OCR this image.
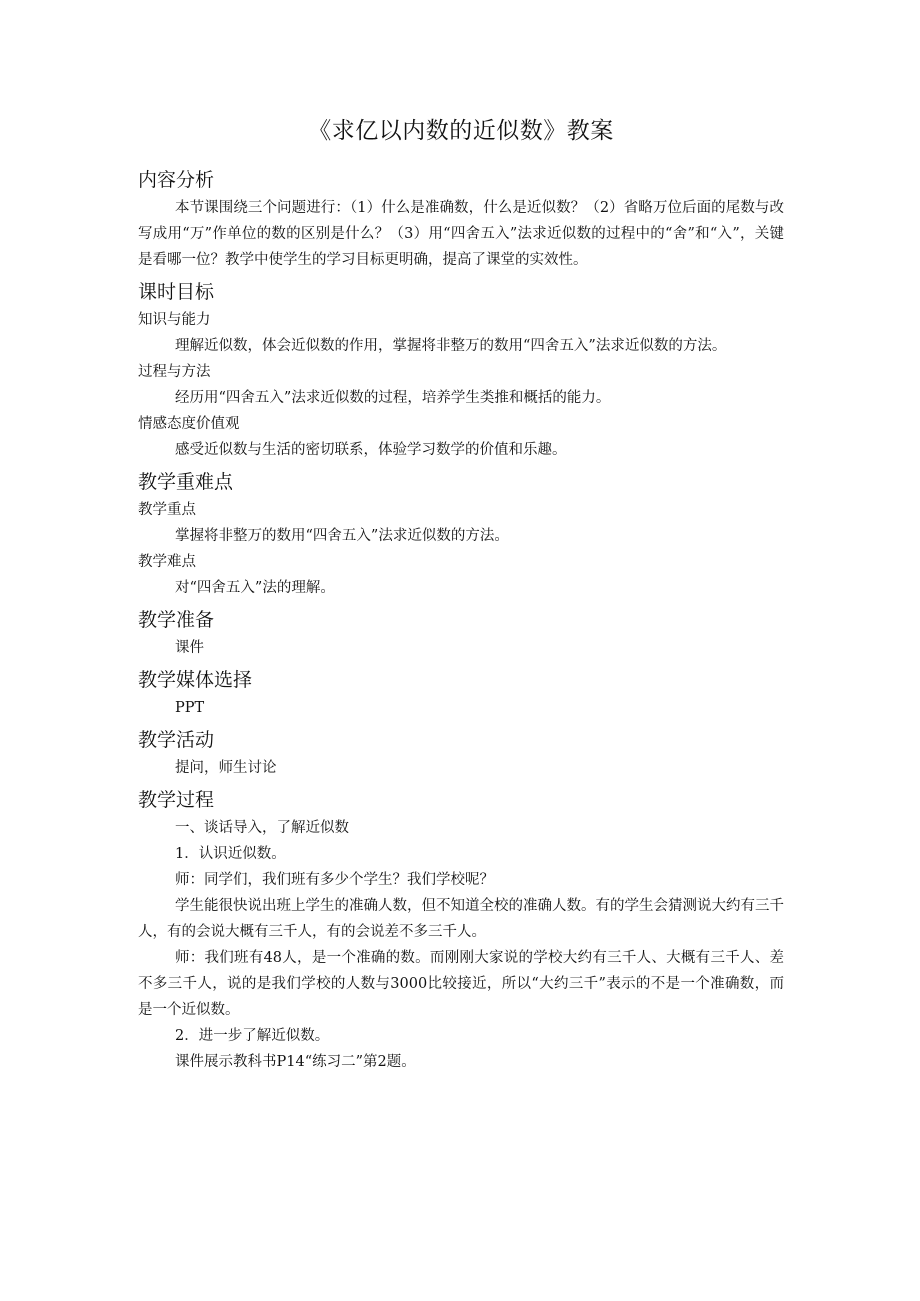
《求亿以内数的近似数》教案
内容分析

本节课围绕三个问题进行：（1）什么是准确数，什么是近似数？（2）省略万位后面的尾数与改写成用“万”作单位的数的区别是什么？（3）用“四舍五入”法求近似数的过程中的“舍”和“入”，关键是看哪一位？教学中使学生的学习目标更明确，提高了课堂的实效性。

课时目标

知识与能力

理解近似数，体会近似数的作用，掌握将非整万的数用“四舍五入”法求近似数的方法。

过程与方法

经历用“四舍五入”法求近似数的过程，培养学生类推和概括的能力。

情感态度价值观

感受近似数与生活的密切联系，体验学习数学的价值和乐趣。

教学重难点

教学重点

掌握将非整万的数用“四舍五入”法求近似数的方法。

教学难点

对“四舍五入”法的理解。

教学准备

课件

教学媒体选择

PPT

教学活动

提问，师生讨论

教学过程

一、谈话导入，了解近似数

1．认识近似数。

师：同学们，我们班有多少个学生？我们学校呢？

学生能很快说出班上学生的准确人数，但不知道全校的准确人数。有的学生会猜测说大约有三千人，有的会说大概有三千人，有的会说差不多三千人。

师：我们班有48人，是一个准确的数。而刚刚大家说的学校大约有三千人、大概有三千人、差不多三千人，说的是我们学校的人数与3000比较接近，所以“大约三千”表示的不是一个准确数，而是一个近似数。

2．进一步了解近似数。

课件展示教科书P14“练习二”第2题。
